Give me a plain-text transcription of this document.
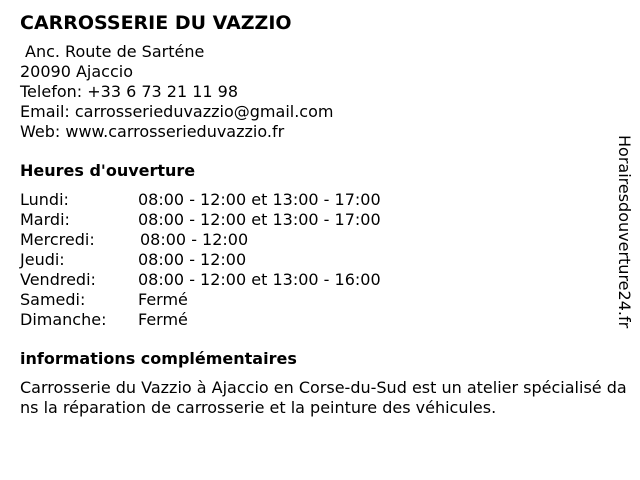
CARROSSERIE DU VAZZIO
Anc. Route de Sarténe
20090 Ajaccio
Telefon: +33 6 73 21 11 98
Email: carrosserieduvazzio@gmail.com
Web: www.carrosserieduvazzio.fr
Heures d'ouverture
Lundi:	08:00 - 12:00 et 13:00 - 17:00
Mardi:	08:00 - 12:00 et 13:00 - 17:00
Mercredi:	08:00 - 12:00
Jeudi:	08:00 - 12:00
Vendredi:	08:00 - 12:00 et 13:00 - 16:00
Samedi:	Fermé
Dimanche:	Fermé
informations complémentaires
Carrosserie du Vazzio à Ajaccio en Corse-du-Sud est un atelier spécialisé dans la réparation de carrosserie et la peinture des véhicules.
Horairesdouverture24.fr
